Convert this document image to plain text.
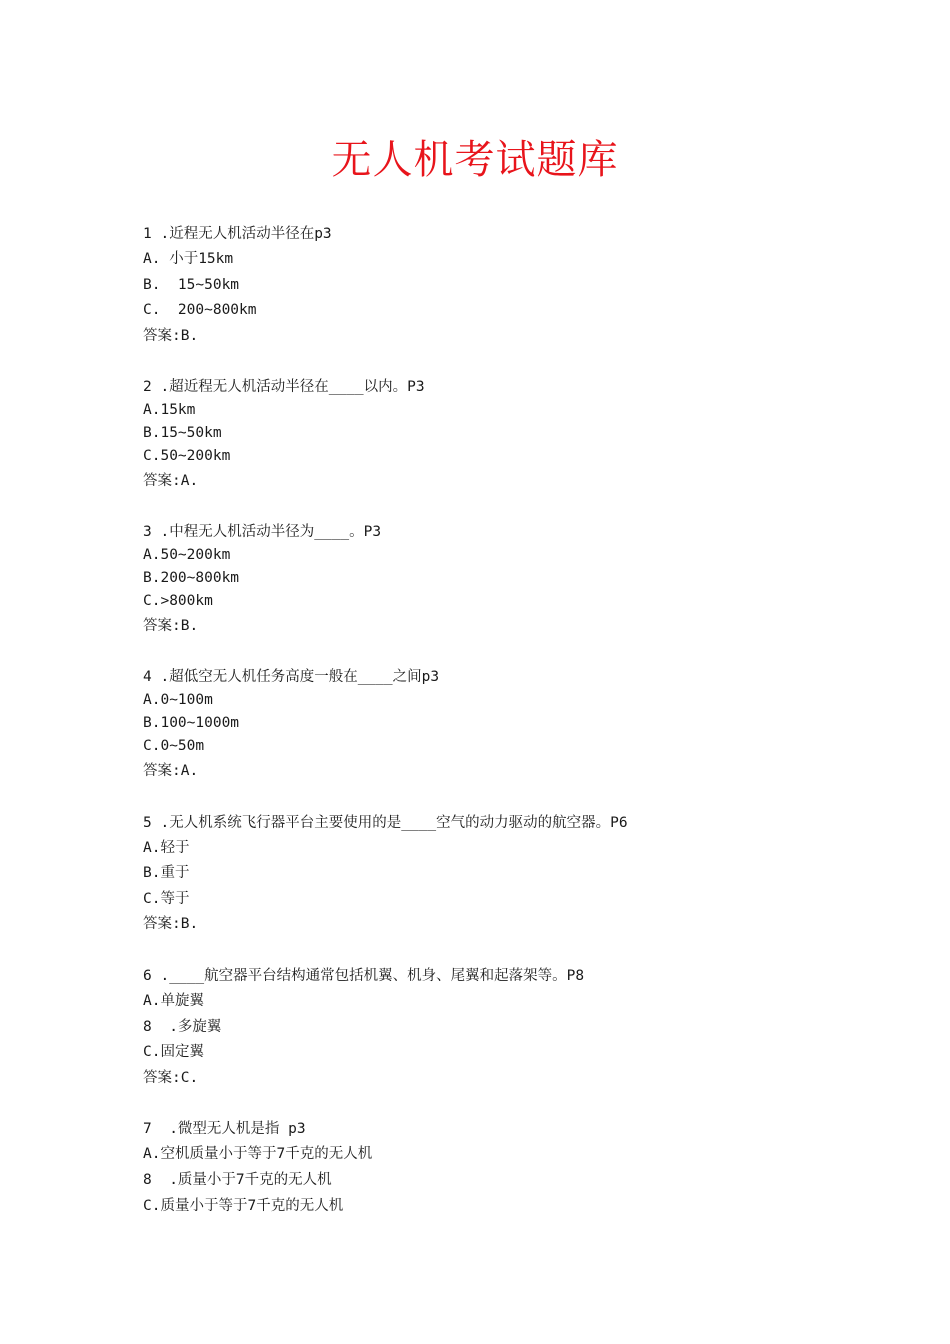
无人机考试题库
1 .近程无人机活动半径在p3
A. 小于15km
B.  15~50km
C.  200~800km
答案:B.
2 .超近程无人机活动半径在____以内。P3
A.15km
B.15~50km
C.50~200km
答案:A.
3 .中程无人机活动半径为____。P3
A.50~200km
B.200~800km
C.>800km
答案:B.
4 .超低空无人机任务高度一般在____之间p3
A.0~100m
B.100~1000m
C.0~50m
答案:A.
5 .无人机系统飞行器平台主要使用的是____空气的动力驱动的航空器。P6
A.轻于
B.重于
C.等于
答案:B.
6 .____航空器平台结构通常包括机翼、机身、尾翼和起落架等。P8
A.单旋翼
8  .多旋翼
C.固定翼
答案:C.
7  .微型无人机是指 p3
A.空机质量小于等于7千克的无人机
8  .质量小于7千克的无人机
C.质量小于等于7千克的无人机
